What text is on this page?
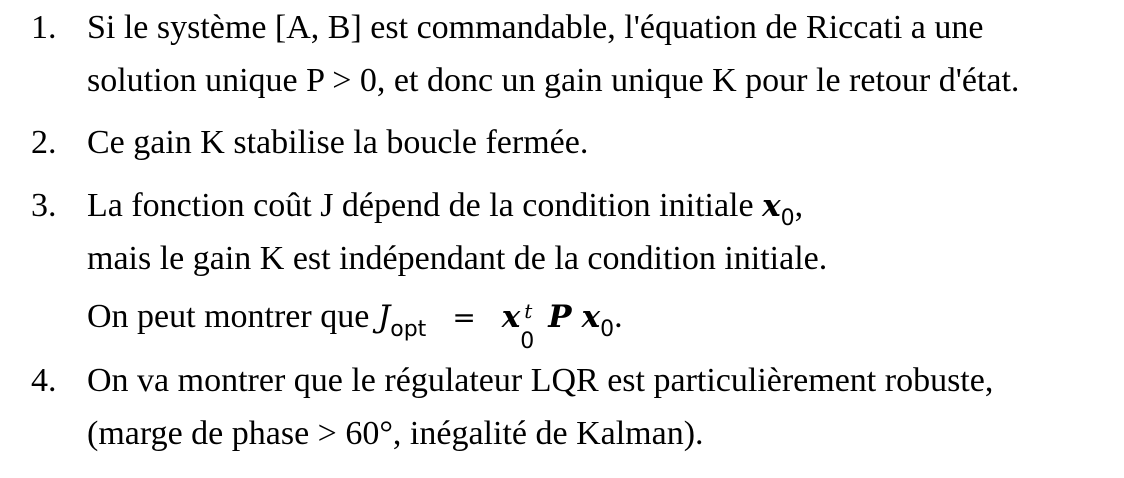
1. Si le système [A, B] est commandable, l'équation de Riccati a une
solution unique P > 0, et donc un gain unique K pour le retour d'état.
2. Ce gain K stabilise la boucle fermée.
3. La fonction coût J dépend de la condition initiale $x_0$,
mais le gain K est indépendant de la condition initiale.
On peut montrer que $J_{opt} = x$ t
0
P $x_0$.
4. On va montrer que le régulateur LQR est particulièrement robuste,
(marge de phase > 60°, inégalité de Kalman).
